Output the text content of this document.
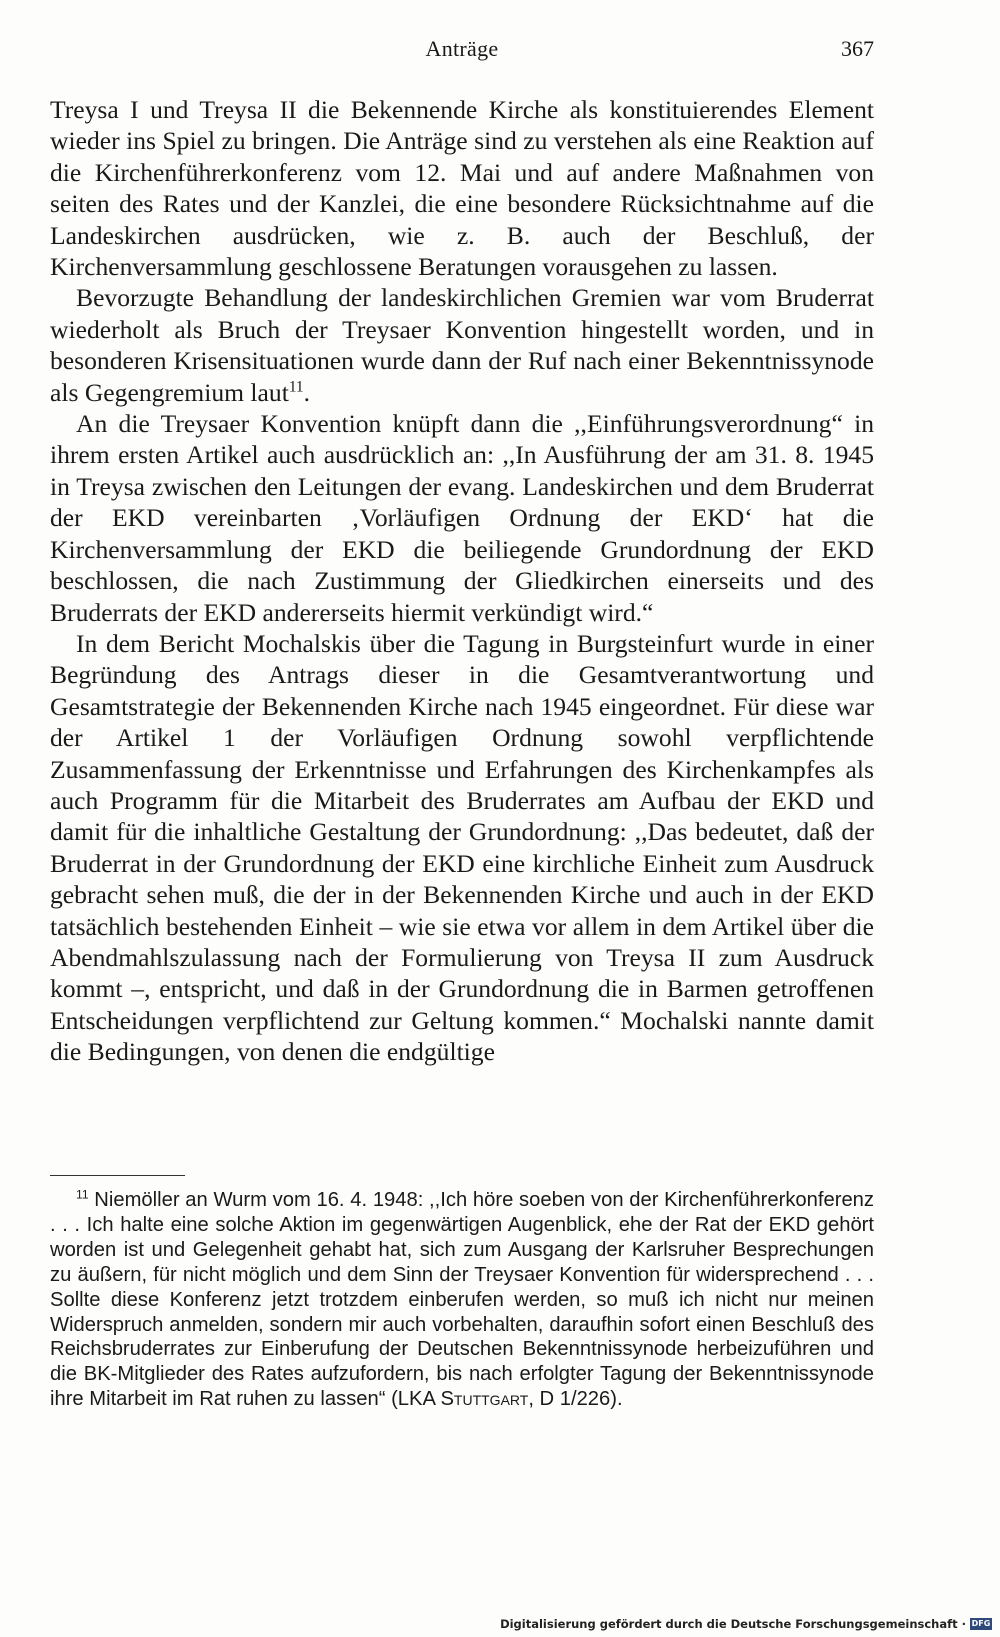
Anträge	367

Treysa I und Treysa II die Bekennende Kirche als konstituierendes Element wieder ins Spiel zu bringen. Die Anträge sind zu verstehen als eine Reaktion auf die Kirchenführerkonferenz vom 12. Mai und auf andere Maßnahmen von seiten des Rates und der Kanzlei, die eine besondere Rücksichtnahme auf die Landeskirchen ausdrücken, wie z. B. auch der Beschluß, der Kirchenversammlung geschlossene Beratungen vorausgehen zu lassen.

Bevorzugte Behandlung der landeskirchlichen Gremien war vom Bruderrat wiederholt als Bruch der Treysaer Konvention hingestellt worden, und in besonderen Krisensituationen wurde dann der Ruf nach einer Bekenntnissynode als Gegengremium laut$^{11}$.

An die Treysaer Konvention knüpft dann die ,,Einführungsverordnung“ in ihrem ersten Artikel auch ausdrücklich an: ,,In Ausführung der am 31. 8. 1945 in Treysa zwischen den Leitungen der evang. Landeskirchen und dem Bruderrat der EKD vereinbarten ‚Vorläufigen Ordnung der EKD‘ hat die Kirchenversammlung der EKD die beiliegende Grundordnung der EKD beschlossen, die nach Zustimmung der Gliedkirchen einerseits und des Bruderrats der EKD andererseits hiermit verkündigt wird.“

In dem Bericht Mochalskis über die Tagung in Burgsteinfurt wurde in einer Begründung des Antrags dieser in die Gesamtverantwortung und Gesamtstrategie der Bekennenden Kirche nach 1945 eingeordnet. Für diese war der Artikel 1 der Vorläufigen Ordnung sowohl verpflichtende Zusammenfassung der Erkenntnisse und Erfahrungen des Kirchenkampfes als auch Programm für die Mitarbeit des Bruderrates am Aufbau der EKD und damit für die inhaltliche Gestaltung der Grundordnung: ,,Das bedeutet, daß der Bruderrat in der Grundordnung der EKD eine kirchliche Einheit zum Ausdruck gebracht sehen muß, die der in der Bekennenden Kirche und auch in der EKD tatsächlich bestehenden Einheit – wie sie etwa vor allem in dem Artikel über die Abendmahlszulassung nach der Formulierung von Treysa II zum Ausdruck kommt –, entspricht, und daß in der Grundordnung die in Barmen getroffenen Entscheidungen verpflichtend zur Geltung kommen.“ Mochalski nannte damit die Bedingungen, von denen die endgültige

$^{11}$ Niemöller an Wurm vom 16. 4. 1948: ,,Ich höre soeben von der Kirchenführerkonferenz . . . Ich halte eine solche Aktion im gegenwärtigen Augenblick, ehe der Rat der EKD gehört worden ist und Gelegenheit gehabt hat, sich zum Ausgang der Karlsruher Besprechungen zu äußern, für nicht möglich und dem Sinn der Treysaer Konvention für widersprechend . . . Sollte diese Konferenz jetzt trotzdem einberufen werden, so muß ich nicht nur meinen Widerspruch anmelden, sondern mir auch vorbehalten, daraufhin sofort einen Beschluß des Reichsbruderrates zur Einberufung der Deutschen Bekenntnissynode herbeizuführen und die BK-Mitglieder des Rates aufzufordern, bis nach erfolgter Tagung der Bekenntnissynode ihre Mitarbeit im Rat ruhen zu lassen“ (LKA Stuttgart, D 1/226).

Digitalisierung gefördert durch die Deutsche Forschungsgemeinschaft · DFG
